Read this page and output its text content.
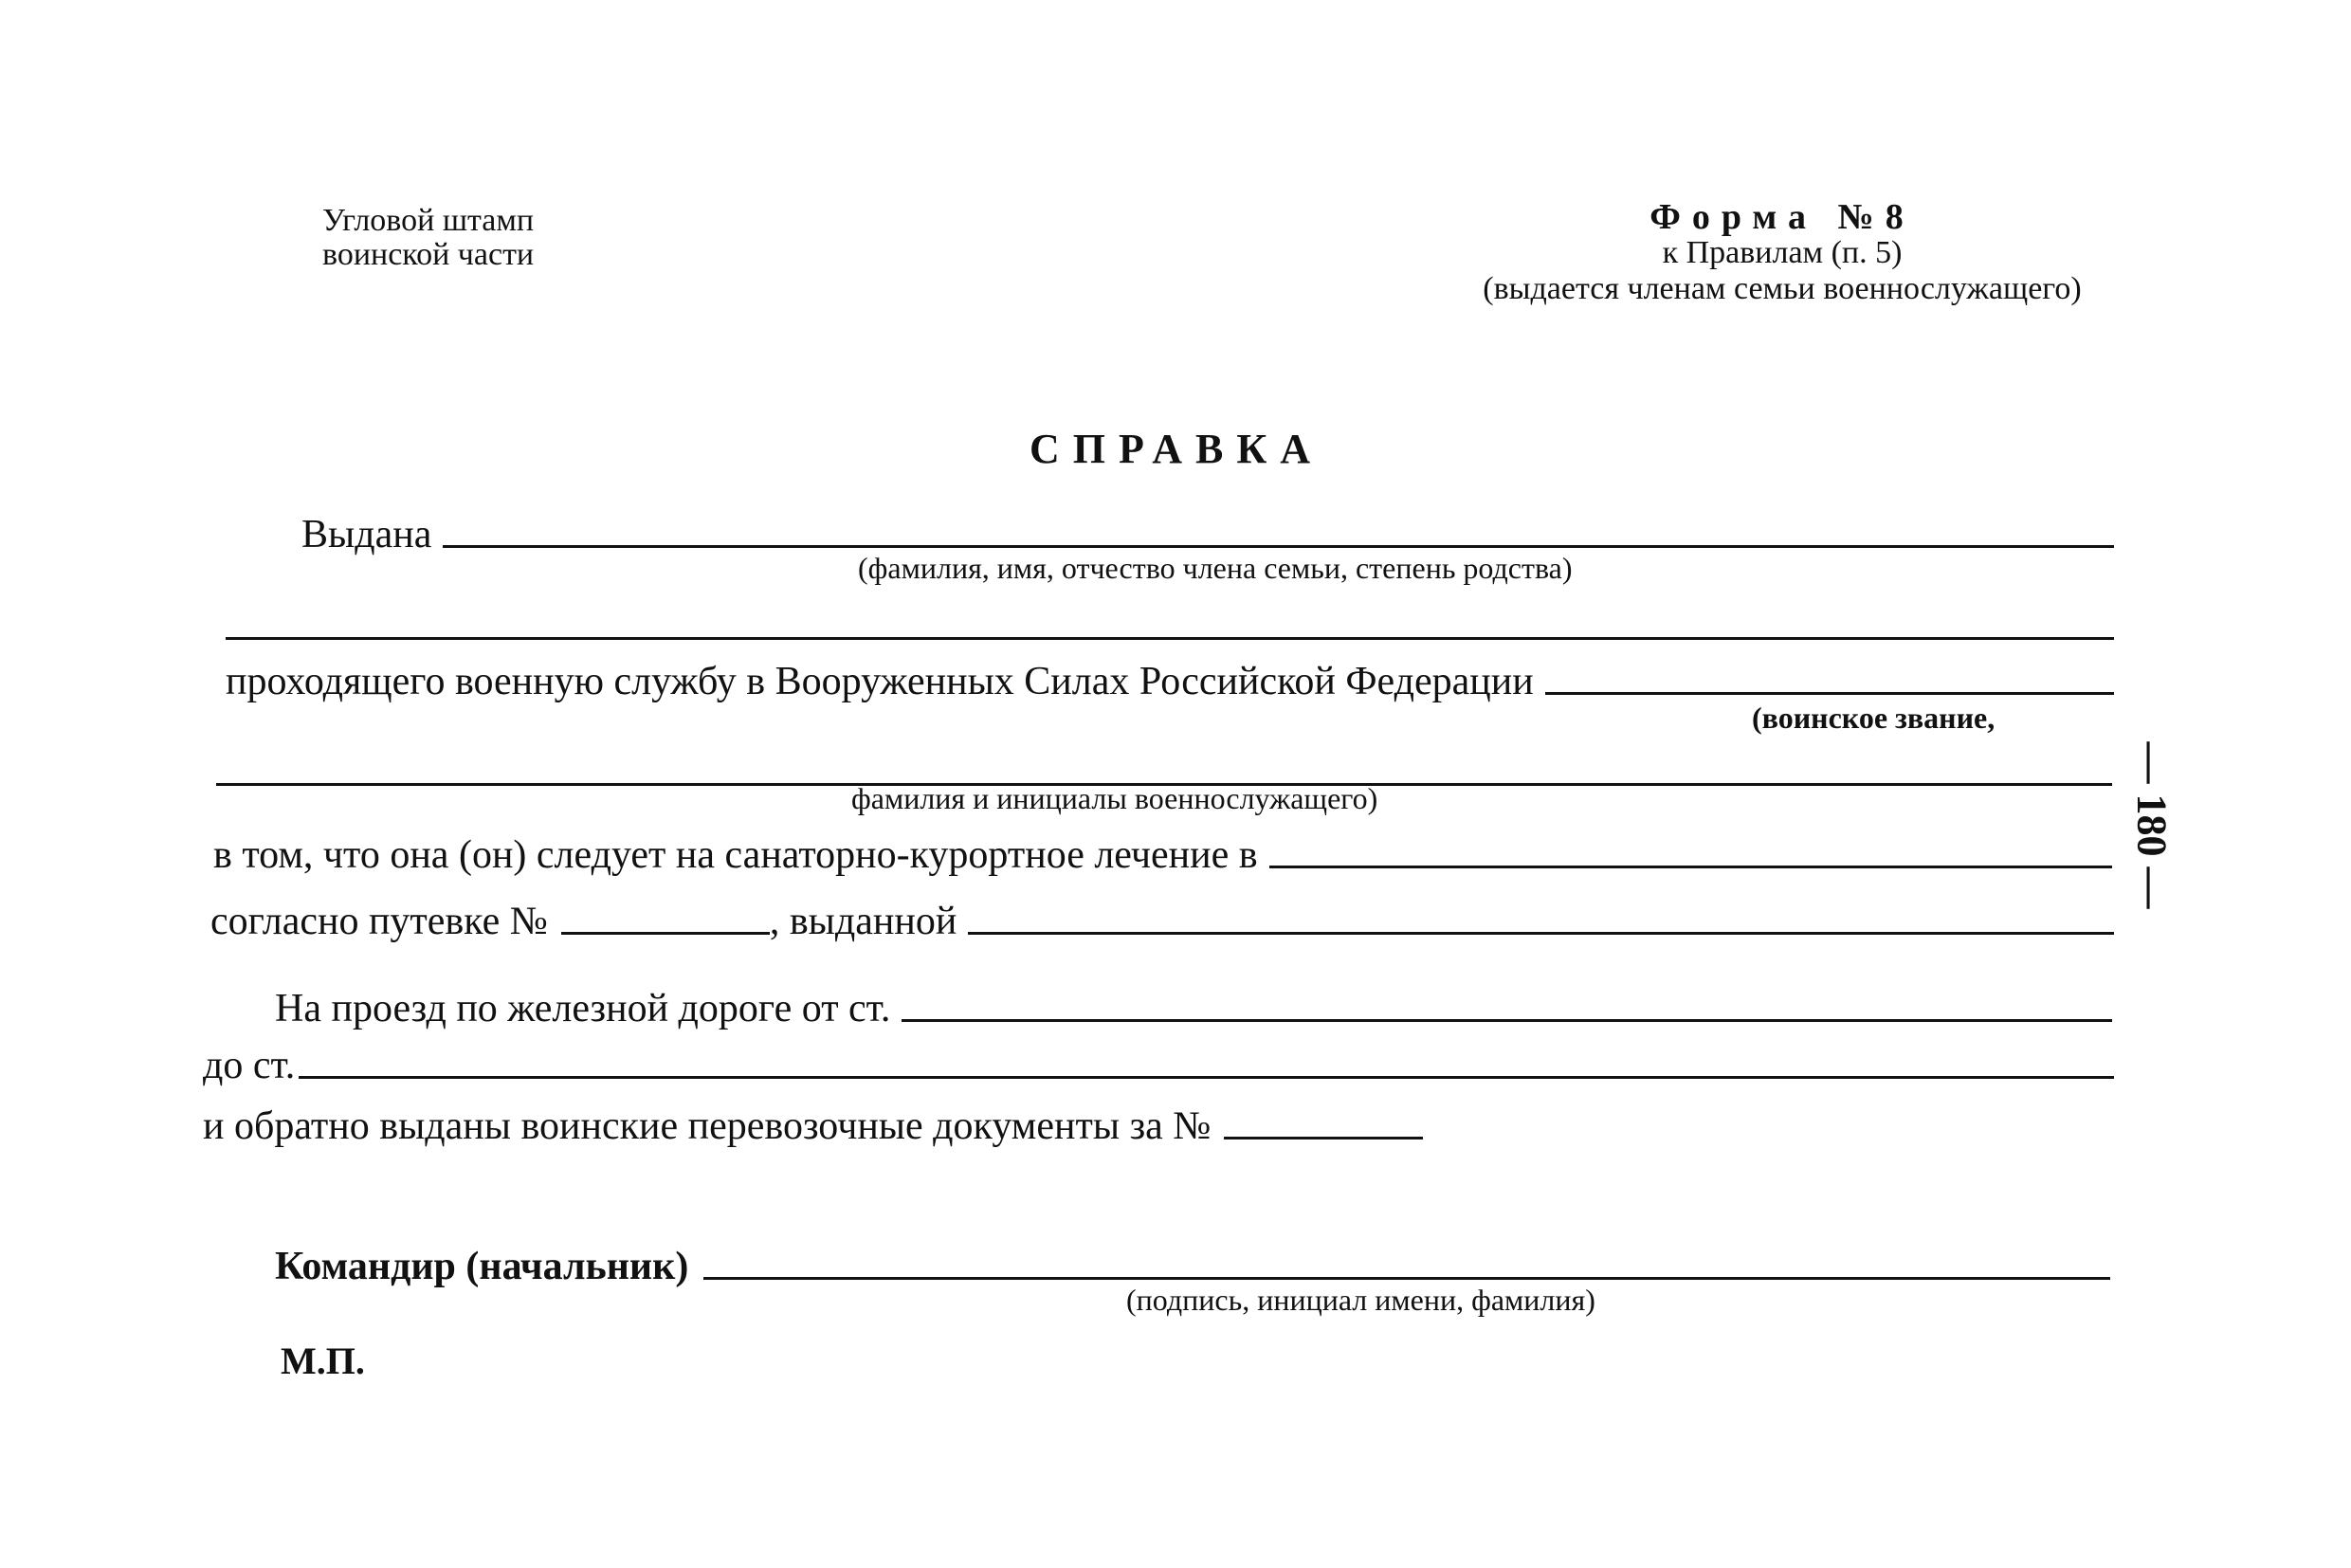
Угловой штамп
воинской части
Форма №8
к Правилам (п. 5)
(выдается членам семьи военнослужащего)
СПРАВКА
Выдана
(фамилия, имя, отчество члена семьи, степень родства)
проходящего военную службу в Вооруженных Силах Российской Федерации
(воинское звание,
фамилия и инициалы военнослужащего)
в том, что она (он) следует на санаторно-курортное лечение в
согласно путевке №	, выданной
На проезд по железной дороге от ст.
до ст.
и обратно выданы воинские перевозочные документы за №
Командир (начальник)
(подпись, инициал имени, фамилия)
М.П.
— 180 —
